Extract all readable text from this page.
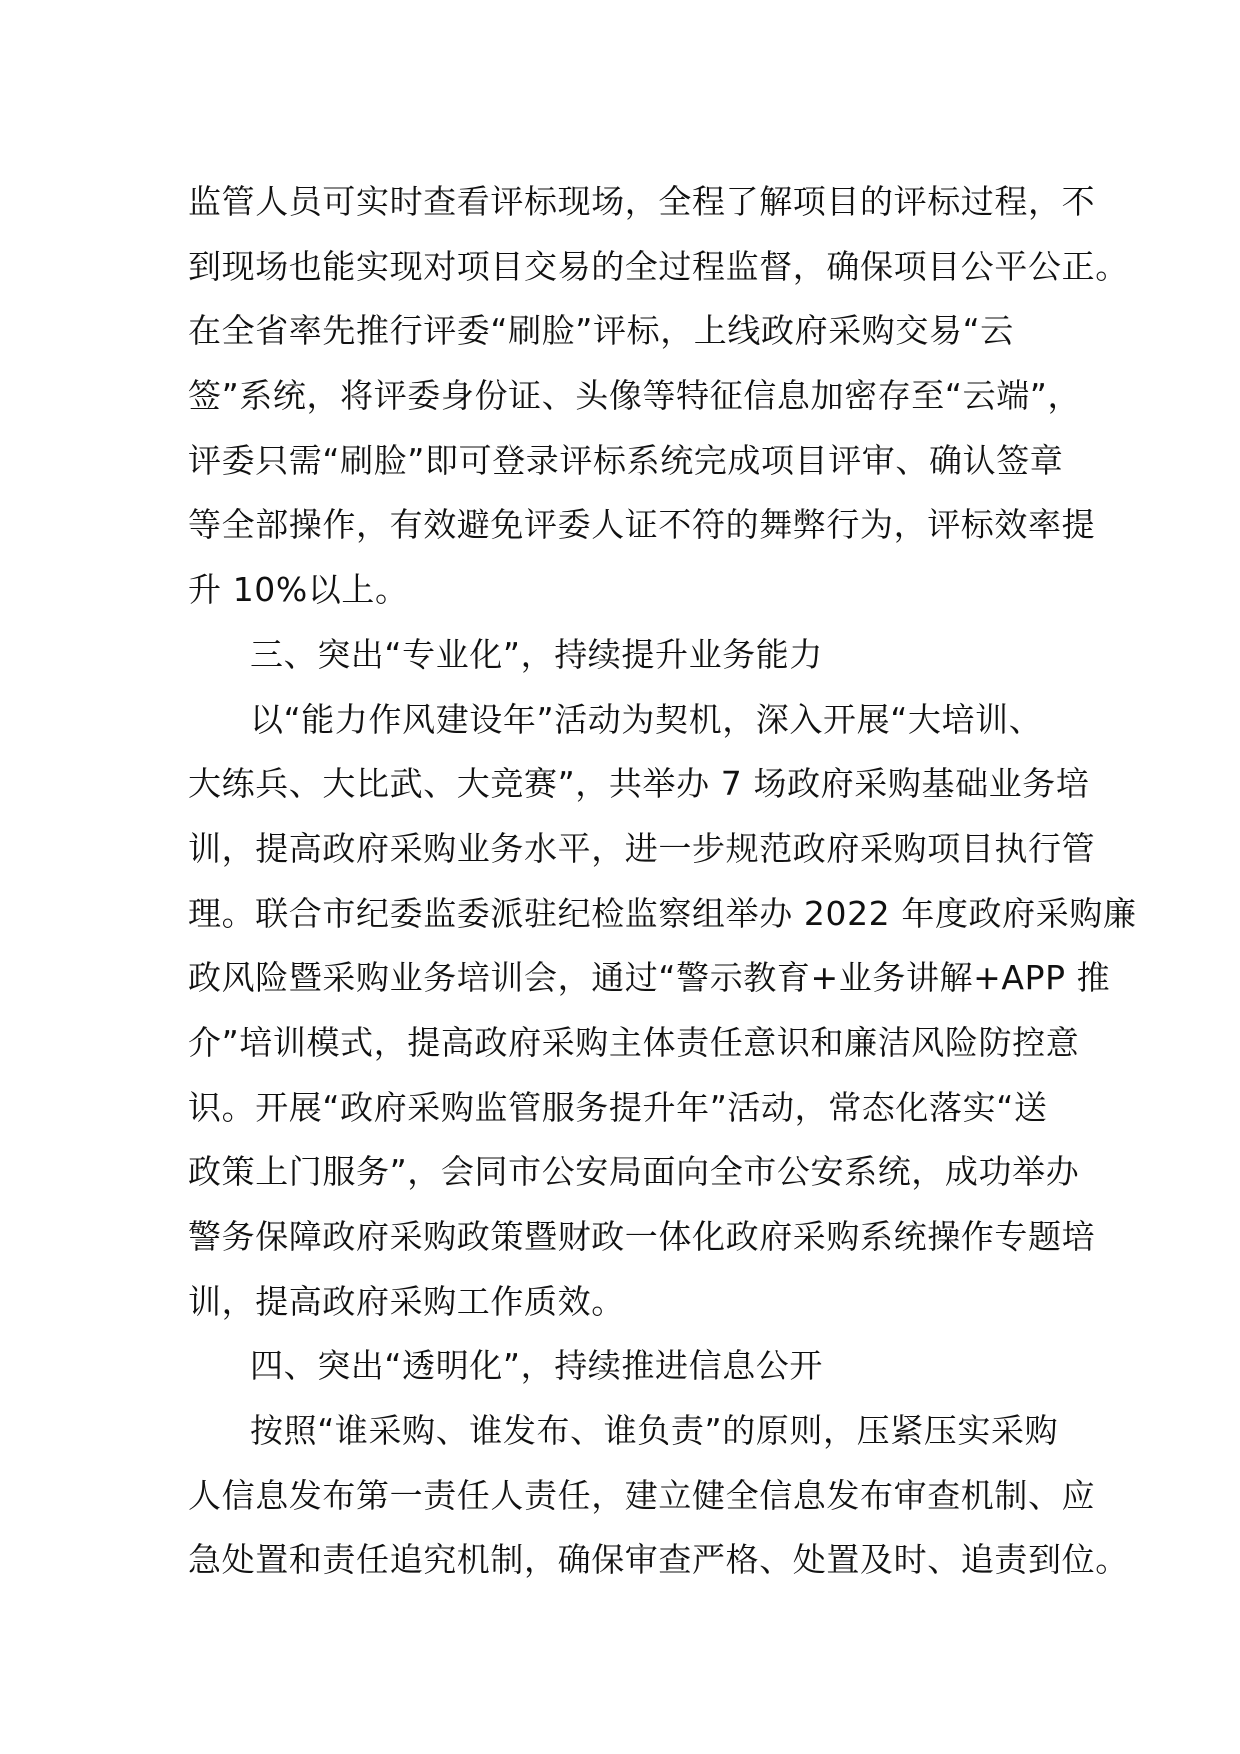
监管人员可实时查看评标现场，全程了解项目的评标过程，不
到现场也能实现对项目交易的全过程监督，确保项目公平公正。
在全省率先推行评委“刷脸”评标，上线政府采购交易“云
签”系统，将评委身份证、头像等特征信息加密存至“云端”，
评委只需“刷脸”即可登录评标系统完成项目评审、确认签章
等全部操作，有效避免评委人证不符的舞弊行为，评标效率提
升 10%以上。
三、突出“专业化”，持续提升业务能力
以“能力作风建设年”活动为契机，深入开展“大培训、
大练兵、大比武、大竞赛”，共举办 7 场政府采购基础业务培
训，提高政府采购业务水平，进一步规范政府采购项目执行管
理。联合市纪委监委派驻纪检监察组举办 2022 年度政府采购廉
政风险暨采购业务培训会，通过“警示教育+业务讲解+APP 推
介”培训模式，提高政府采购主体责任意识和廉洁风险防控意
识。开展“政府采购监管服务提升年”活动，常态化落实“送
政策上门服务”，会同市公安局面向全市公安系统，成功举办
警务保障政府采购政策暨财政一体化政府采购系统操作专题培
训，提高政府采购工作质效。
四、突出“透明化”，持续推进信息公开
按照“谁采购、谁发布、谁负责”的原则，压紧压实采购
人信息发布第一责任人责任，建立健全信息发布审查机制、应
急处置和责任追究机制，确保审查严格、处置及时、追责到位。
